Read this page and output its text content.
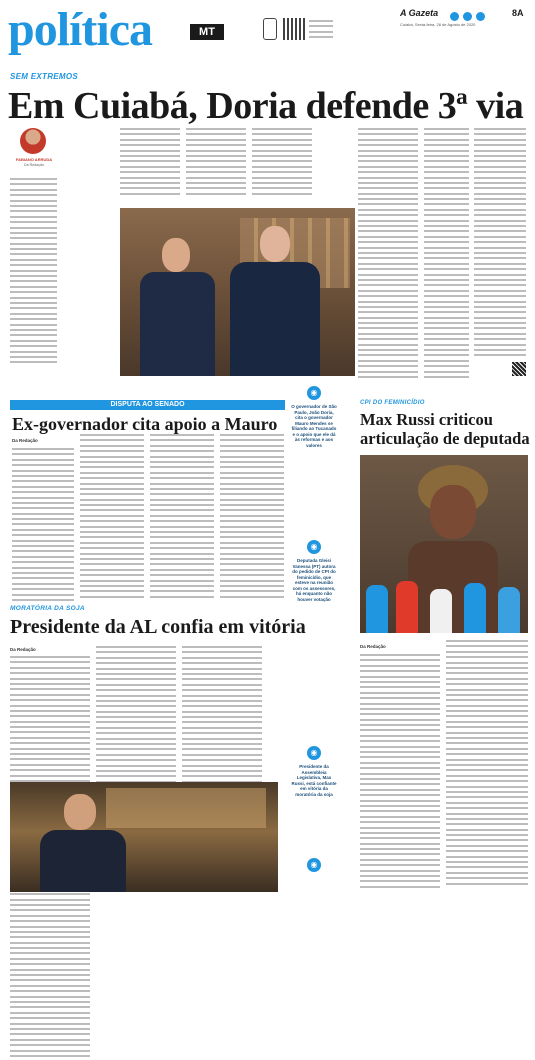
política	MT
A Gazeta
	8A
Cuiabá, Sexta-feira, 28 de Agosto de 2020
SEM EXTREMOS
Em Cuiabá, Doria defende 3ª via
FABIANO ARRUDA
Da Redação
◉
O governador de São Paulo, João Doria, cita o governador Mauro Mendes se filiando ao Tucanado e o apoio que ele dá às reformas e aos valores
DISPUTA AO SENADO
Ex-governador cita apoio a Mauro
Da Redação
CPI DO FEMINICÍDIO
Max Russi criticou articulação de deputada
◉
Deputada Gleisi Vanessa (PT) autora do pedido de CPI do feminicídio, que esteve na reunião com os assessores, há enquanto não houver votação
Da Redação
MORATÓRIA DA SOJA
Presidente da AL confia em vitória
Da Redação
◉
Presidente da Assembleia Legislativa, Max Russi, está confiante em vitória da moratória da soja
◉
